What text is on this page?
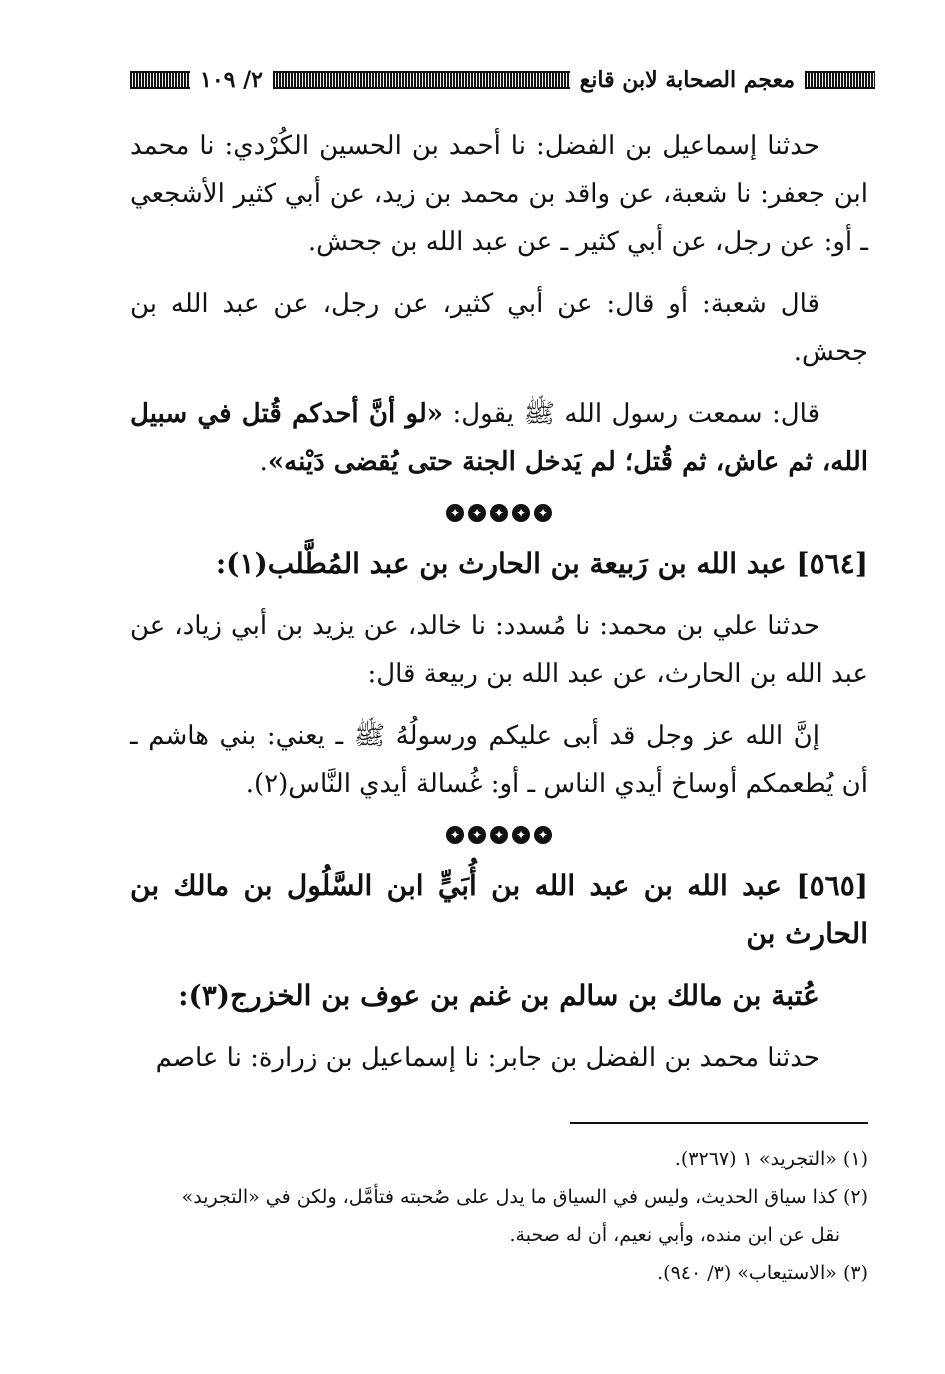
معجم الصحابة لابن قانع
٢/ ١٠٩

حدثنا إسماعيل بن الفضل: نا أحمد بن الحسين الكُرْدي: نا محمد ابن جعفر: نا شعبة، عن واقد بن محمد بن زيد، عن أبي كثير الأشجعي ـ أو: عن رجل، عن أبي كثير ـ عن عبد الله بن جحش.

قال شعبة: أو قال: عن أبي كثير، عن رجل، عن عبد الله بن جحش.

قال: سمعت رسول الله ﷺ يقول: «لو أنَّ أحدكم قُتل في سبيل الله، ثم عاش، ثم قُتل؛ لم يَدخل الجنة حتى يُقضى دَيْنه».

✦ ✦ ✦ ✦ ✦
[٥٦٤] عبد الله بن رَبيعة بن الحارث بن عبد المُطَّلب(١):

حدثنا علي بن محمد: نا مُسدد: نا خالد، عن يزيد بن أبي زياد، عن عبد الله بن الحارث، عن عبد الله بن ربيعة قال:

إنَّ الله عز وجل قد أبى عليكم ورسولُهُ ﷺ ـ يعني: بني هاشم ـ أن يُطعمكم أوساخ أيدي الناس ـ أو: غُسالة أيدي النَّاس(٢).

✦ ✦ ✦ ✦ ✦
[٥٦٥] عبد الله بن عبد الله بن أُبَيٍّ ابن السَّلُول بن مالك بن الحارث بن
عُتبة بن مالك بن سالم بن غنم بن عوف بن الخزرج(٣):

حدثنا محمد بن الفضل بن جابر: نا إسماعيل بن زرارة: نا عاصم

(١) «التجريد» ١ (٣٢٦٧).

(٢) كذا سياق الحديث، وليس في السياق ما يدل على صُحبته فتأمَّل، ولكن في «التجريد»

نقل عن ابن منده، وأبي نعيم، أن له صحبة.

(٣) «الاستيعاب» (٣/ ٩٤٠).
